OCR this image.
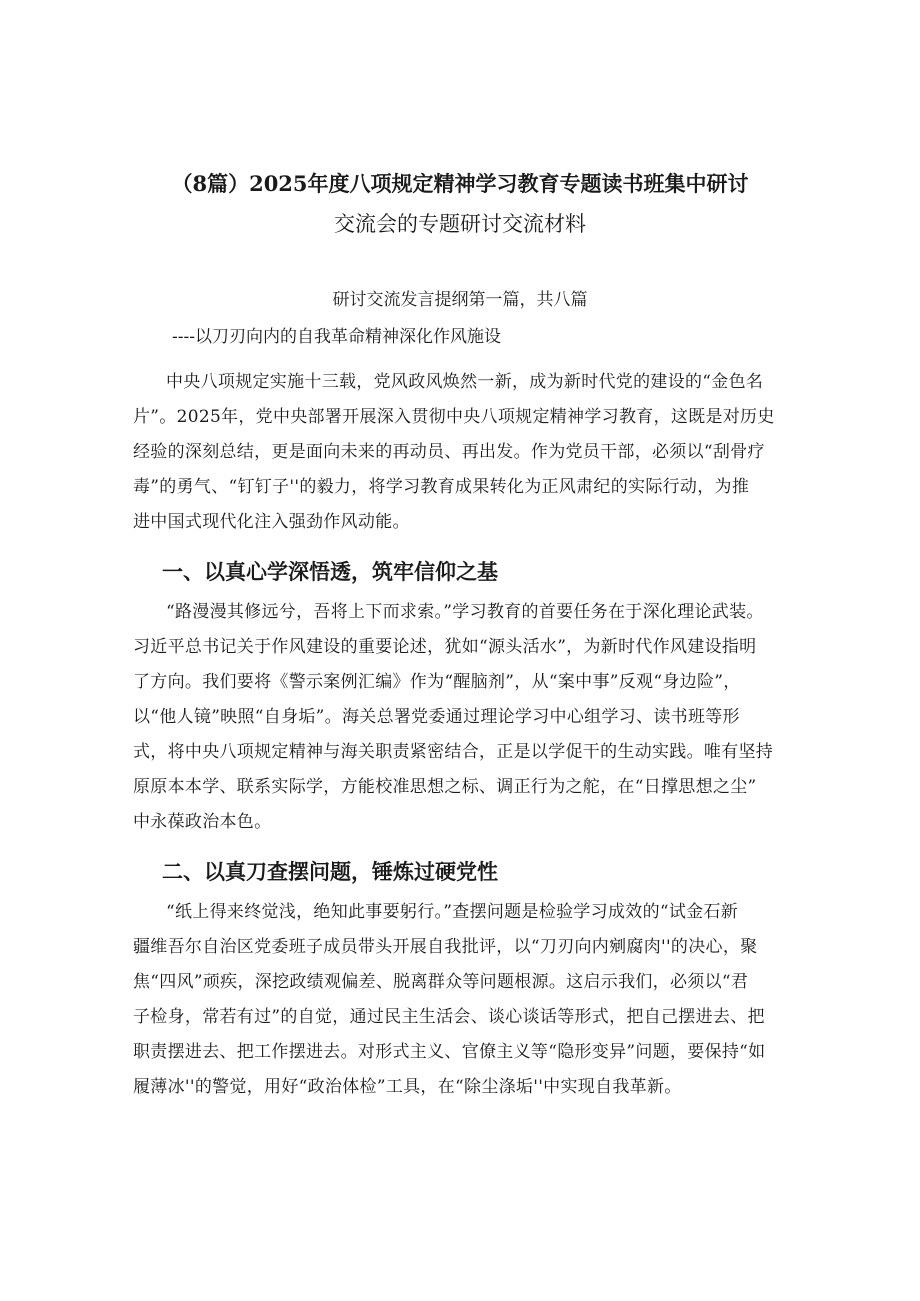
（8篇）2025年度八项规定精神学习教育专题读书班集中研讨
交流会的专题研讨交流材料
研讨交流发言提纲第一篇，共八篇
----以刀刃向内的自我革命精神深化作风施设
中央八项规定实施十三载，党风政风焕然一新，成为新时代党的建设的“金色名
片”。2025年，党中央部署开展深入贯彻中央八项规定精神学习教育，这既是对历史
经验的深刻总结，更是面向未来的再动员、再出发。作为党员干部，必须以“刮骨疗
毒”的勇气、“钉钉子''的毅力，将学习教育成果转化为正风肃纪的实际行动，为推
进中国式现代化注入强劲作风动能。
一、以真心学深悟透，筑牢信仰之基
“路漫漫其修远兮，吾将上下而求索。”学习教育的首要任务在于深化理论武装。
习近平总书记关于作风建设的重要论述，犹如“源头活水”，为新时代作风建设指明
了方向。我们要将《警示案例汇编》作为“醒脑剂”，从“案中事”反观“身边险”，
以“他人镜”映照“自身垢”。海关总署党委通过理论学习中心组学习、读书班等形
式，将中央八项规定精神与海关职责紧密结合，正是以学促干的生动实践。唯有坚持
原原本本学、联系实际学，方能校准思想之标、调正行为之舵，在“日撑思想之尘”
中永葆政治本色。
二、以真刀查摆问题，锤炼过硬党性
“纸上得来终觉浅，绝知此事要躬行。”查摆问题是检验学习成效的“试金石新
疆维吾尔自治区党委班子成员带头开展自我批评，以“刀刃向内剜腐肉''的决心，聚
焦“四风”顽疾，深挖政绩观偏差、脱离群众等问题根源。这启示我们，必须以“君
子检身，常若有过”的自觉，通过民主生活会、谈心谈话等形式，把自己摆进去、把
职责摆进去、把工作摆进去。对形式主义、官僚主义等“隐形变异”问题，要保持“如
履薄冰''的警觉，用好“政治体检”工具，在“除尘涤垢''中实现自我革新。
